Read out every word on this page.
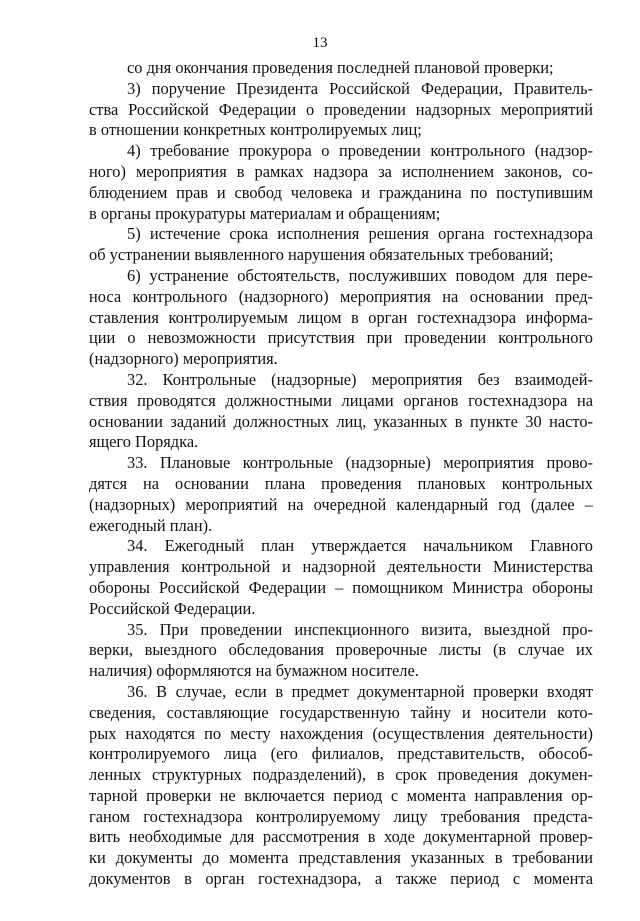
13
со дня окончания проведения последней плановой проверки;
3) поручение Президента Российской Федерации, Правитель-
ства Российской Федерации о проведении надзорных мероприятий
в отношении конкретных контролируемых лиц;
4) требование прокурора о проведении контрольного (надзор-
ного) мероприятия в рамках надзора за исполнением законов, со-
блюдением прав и свобод человека и гражданина по поступившим
в органы прокуратуры материалам и обращениям;
5) истечение срока исполнения решения органа гостехнадзора
об устранении выявленного нарушения обязательных требований;
6) устранение обстоятельств, послуживших поводом для пере-
носа контрольного (надзорного) мероприятия на основании пред-
ставления контролируемым лицом в орган гостехнадзора информа-
ции о невозможности присутствия при проведении контрольного
(надзорного) мероприятия.
32. Контрольные (надзорные) мероприятия без взаимодей-
ствия проводятся должностными лицами органов гостехнадзора на
основании заданий должностных лиц, указанных в пункте 30 насто-
ящего Порядка.
33. Плановые контрольные (надзорные) мероприятия прово-
дятся на основании плана проведения плановых контрольных
(надзорных) мероприятий на очередной календарный год (далее –
ежегодный план).
34. Ежегодный план утверждается начальником Главного
управления контрольной и надзорной деятельности Министерства
обороны Российской Федерации – помощником Министра обороны
Российской Федерации.
35. При проведении инспекционного визита, выездной про-
верки, выездного обследования проверочные листы (в случае их
наличия) оформляются на бумажном носителе.
36. В случае, если в предмет документарной проверки входят
сведения, составляющие государственную тайну и носители кото-
рых находятся по месту нахождения (осуществления деятельности)
контролируемого лица (его филиалов, представительств, обособ-
ленных структурных подразделений), в срок проведения докумен-
тарной проверки не включается период с момента направления ор-
ганом гостехнадзора контролируемому лицу требования предста-
вить необходимые для рассмотрения в ходе документарной провер-
ки документы до момента представления указанных в требовании
документов в орган гостехнадзора, а также период с момента
